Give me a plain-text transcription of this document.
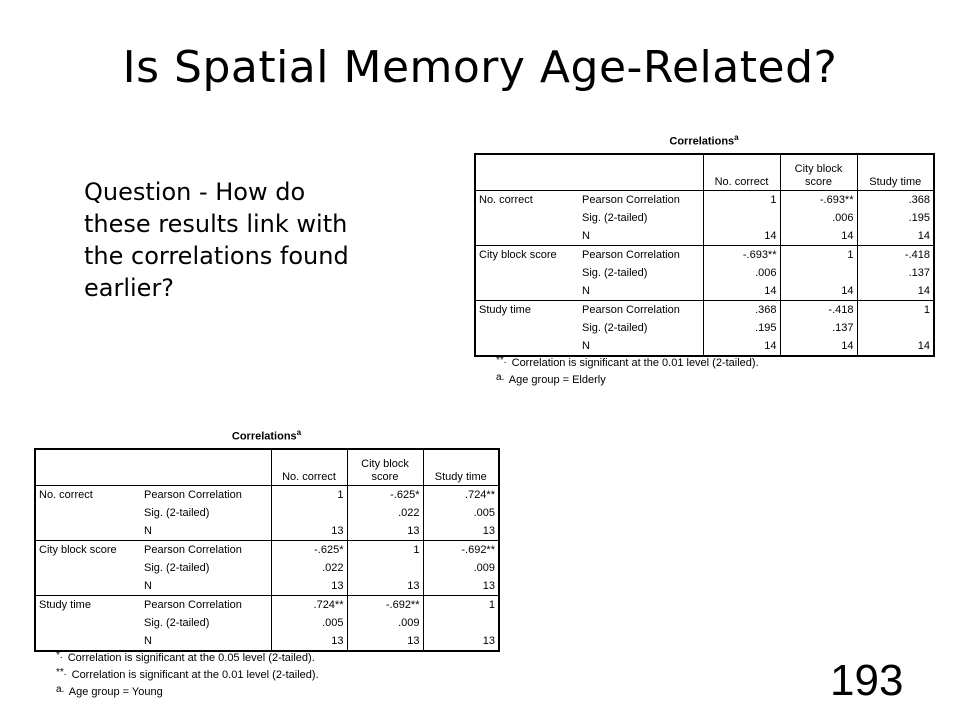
Is Spatial Memory Age-Related?
Question - How do these results link with the correlations found earlier?
193
Correlations$^a$
		No. correct	City block score	Study time
No. correct	Pearson Correlation	1	-.693**	.368
	Sig. (2-tailed)		.006	.195
	N	14	14	14
City block score	Pearson Correlation	-.693**	1	-.418
	Sig. (2-tailed)	.006		.137
	N	14	14	14
Study time	Pearson Correlation	.368	-.418	1
	Sig. (2-tailed)	.195	.137	
	N	14	14	14
**. Correlation is significant at the 0.01 level (2-tailed).
a. Age group = Elderly
Correlations$^a$
		No. correct	City block score	Study time
No. correct	Pearson Correlation	1	-.625*	.724**
	Sig. (2-tailed)		.022	.005
	N	13	13	13
City block score	Pearson Correlation	-.625*	1	-.692**
	Sig. (2-tailed)	.022		.009
	N	13	13	13
Study time	Pearson Correlation	.724**	-.692**	1
	Sig. (2-tailed)	.005	.009	
	N	13	13	13
*. Correlation is significant at the 0.05 level (2-tailed).
**. Correlation is significant at the 0.01 level (2-tailed).
a. Age group = Young
